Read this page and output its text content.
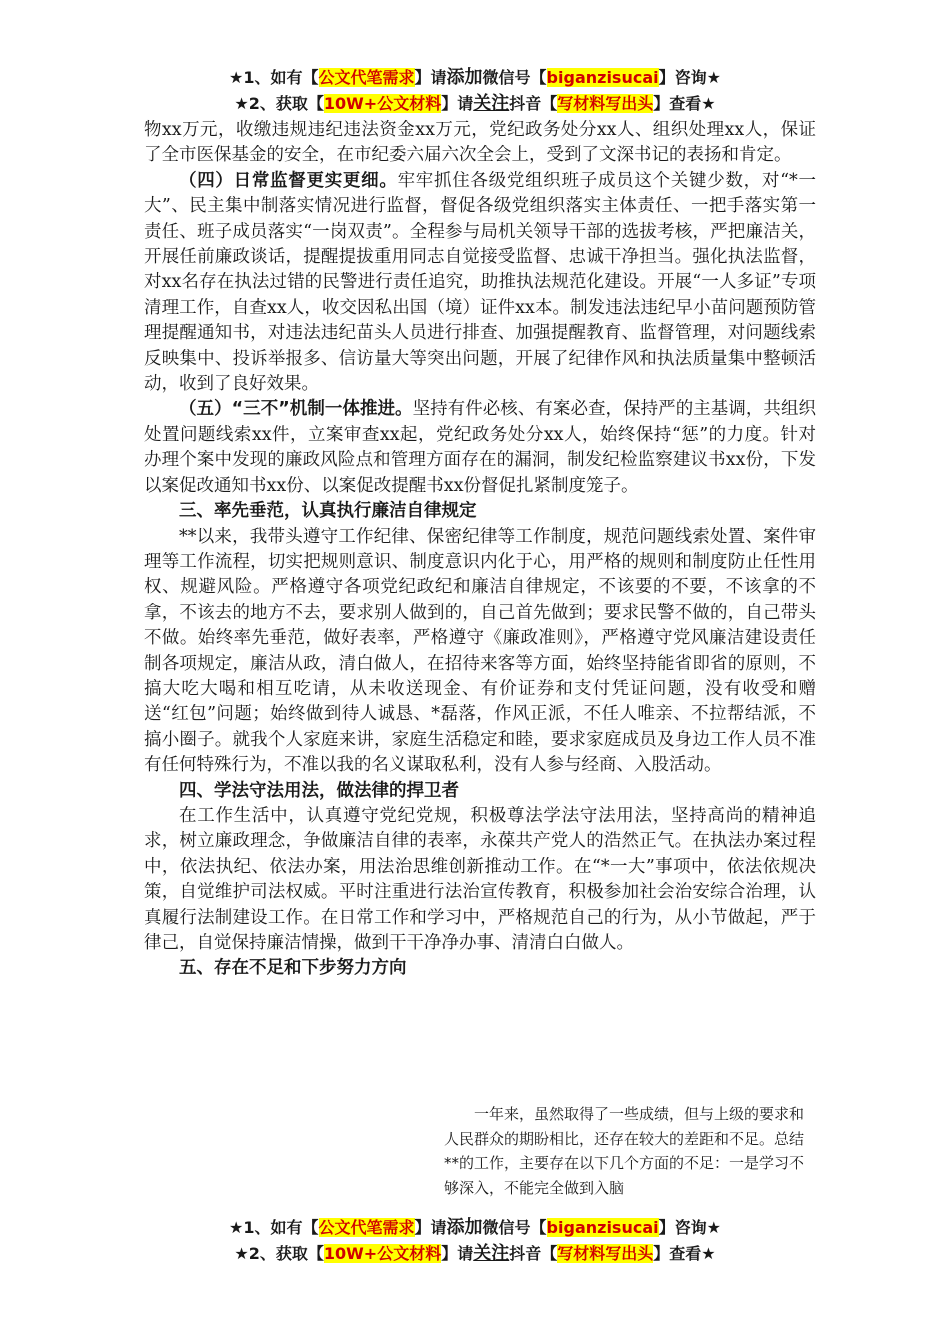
★1、如有【公文代笔需求】请添加微信号【biganzisucai】咨询★
★2、获取【10W+公文材料】请关注抖音【写材料写出头】查看★

物xx万元，收缴违规违纪违法资金xx万元，党纪政务处分xx人、组织处理xx人，保证了全市医保基金的安全，在市纪委六届六次全会上，受到了文深书记的表扬和肯定。

（四）日常监督更实更细。牢牢抓住各级党组织班子成员这个关键少数，对“*一大”、民主集中制落实情况进行监督，督促各级党组织落实主体责任、一把手落实第一责任、班子成员落实“一岗双责”。全程参与局机关领导干部的选拔考核，严把廉洁关，开展任前廉政谈话，提醒提拔重用同志自觉接受监督、忠诚干净担当。强化执法监督，对xx名存在执法过错的民警进行责任追究，助推执法规范化建设。开展“一人多证”专项清理工作，自查xx人，收交因私出国（境）证件xx本。制发违法违纪早小苗问题预防管理提醒通知书，对违法违纪苗头人员进行排查、加强提醒教育、监督管理，对问题线索反映集中、投诉举报多、信访量大等突出问题，开展了纪律作风和执法质量集中整顿活动，收到了良好效果。

（五）“三不”机制一体推进。坚持有件必核、有案必查，保持严的主基调，共组织处置问题线索xx件，立案审查xx起，党纪政务处分xx人，始终保持“惩”的力度。针对办理个案中发现的廉政风险点和管理方面存在的漏洞，制发纪检监察建议书xx份，下发以案促改通知书xx份、以案促改提醒书xx份督促扎紧制度笼子。

三、率先垂范，认真执行廉洁自律规定

**以来，我带头遵守工作纪律、保密纪律等工作制度，规范问题线索处置、案件审理等工作流程，切实把规则意识、制度意识内化于心，用严格的规则和制度防止任性用权、规避风险。严格遵守各项党纪政纪和廉洁自律规定，不该要的不要，不该拿的不拿，不该去的地方不去，要求别人做到的，自己首先做到；要求民警不做的，自己带头不做。始终率先垂范，做好表率，严格遵守《廉政准则》，严格遵守党风廉洁建设责任制各项规定，廉洁从政，清白做人，在招待来客等方面，始终坚持能省即省的原则，不搞大吃大喝和相互吃请，从未收送现金、有价证券和支付凭证问题，没有收受和赠送“红包”问题；始终做到待人诚恳、*磊落，作风正派，不任人唯亲、不拉帮结派，不搞小圈子。就我个人家庭来讲，家庭生活稳定和睦，要求家庭成员及身边工作人员不准有任何特殊行为，不准以我的名义谋取私利，没有人参与经商、入股活动。

四、学法守法用法，做法律的捍卫者

在工作生活中，认真遵守党纪党规，积极尊法学法守法用法，坚持高尚的精神追求，树立廉政理念，争做廉洁自律的表率，永葆共产党人的浩然正气。在执法办案过程中，依法执纪、依法办案，用法治思维创新推动工作。在“*一大”事项中，依法依规决策，自觉维护司法权威。平时注重进行法治宣传教育，积极参加社会治安综合治理，认真履行法制建设工作。在日常工作和学习中，严格规范自己的行为，从小节做起，严于律己，自觉保持廉洁情操，做到干干净净办事、清清白白做人。

五、存在不足和下步努力方向

一年来，虽然取得了一些成绩，但与上级的要求和人民群众的期盼相比，还存在较大的差距和不足。总结**的工作，主要存在以下几个方面的不足：一是学习不够深入，不能完全做到入脑

★1、如有【公文代笔需求】请添加微信号【biganzisucai】咨询★
★2、获取【10W+公文材料】请关注抖音【写材料写出头】查看★
